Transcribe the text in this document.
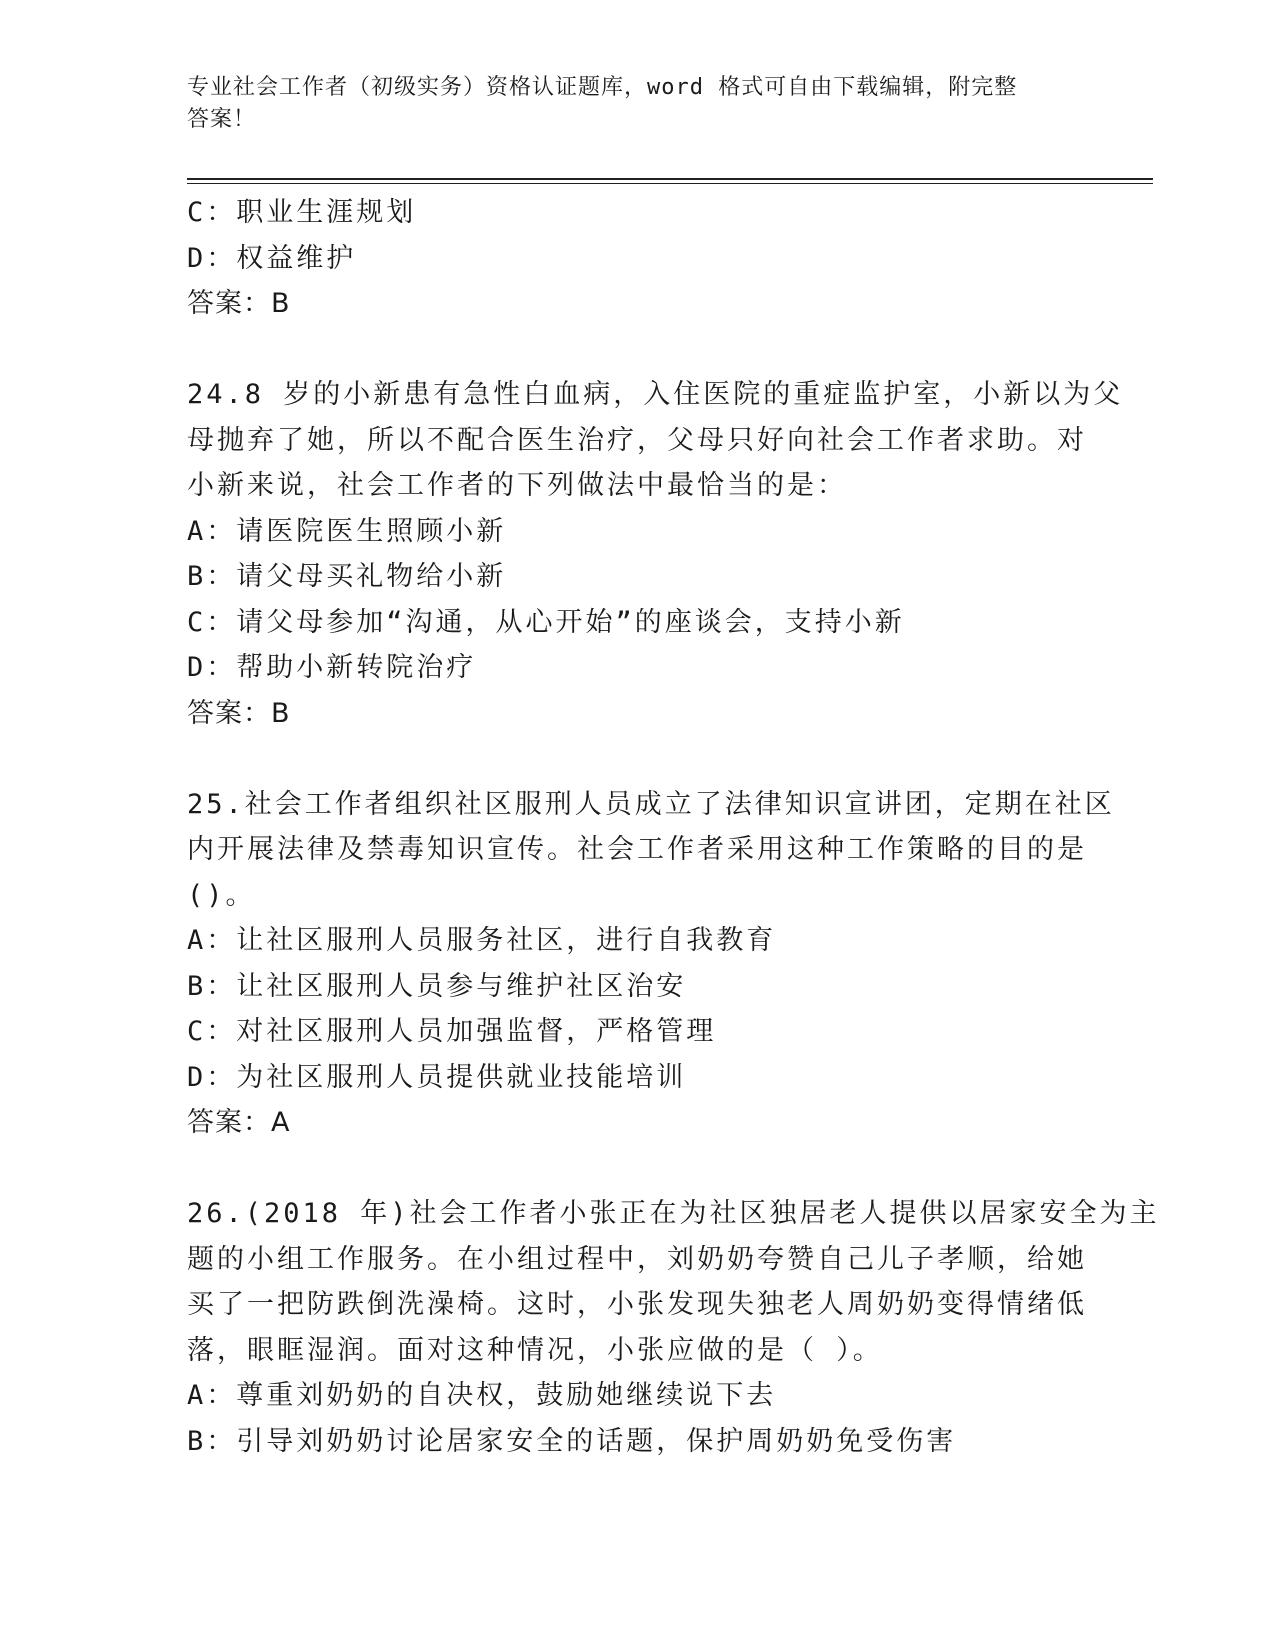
专业社会工作者（初级实务）资格认证题库，word 格式可自由下载编辑，附完整
答案！
C：职业生涯规划
D：权益维护
答案：B
24.8 岁的小新患有急性白血病，入住医院的重症监护室，小新以为父
母抛弃了她，所以不配合医生治疗，父母只好向社会工作者求助。对
小新来说，社会工作者的下列做法中最恰当的是：
A：请医院医生照顾小新
B：请父母买礼物给小新
C：请父母参加“沟通，从心开始”的座谈会，支持小新
D：帮助小新转院治疗
答案：B
25.社会工作者组织社区服刑人员成立了法律知识宣讲团，定期在社区
内开展法律及禁毒知识宣传。社会工作者采用这种工作策略的目的是
()。
A：让社区服刑人员服务社区，进行自我教育
B：让社区服刑人员参与维护社区治安
C：对社区服刑人员加强监督，严格管理
D：为社区服刑人员提供就业技能培训
答案：A
26.(2018 年)社会工作者小张正在为社区独居老人提供以居家安全为主
题的小组工作服务。在小组过程中，刘奶奶夸赞自己儿子孝顺，给她
买了一把防跌倒洗澡椅。这时，小张发现失独老人周奶奶变得情绪低
落，眼眶湿润。面对这种情况，小张应做的是（ ）。
A：尊重刘奶奶的自决权，鼓励她继续说下去
B：引导刘奶奶讨论居家安全的话题，保护周奶奶免受伤害
